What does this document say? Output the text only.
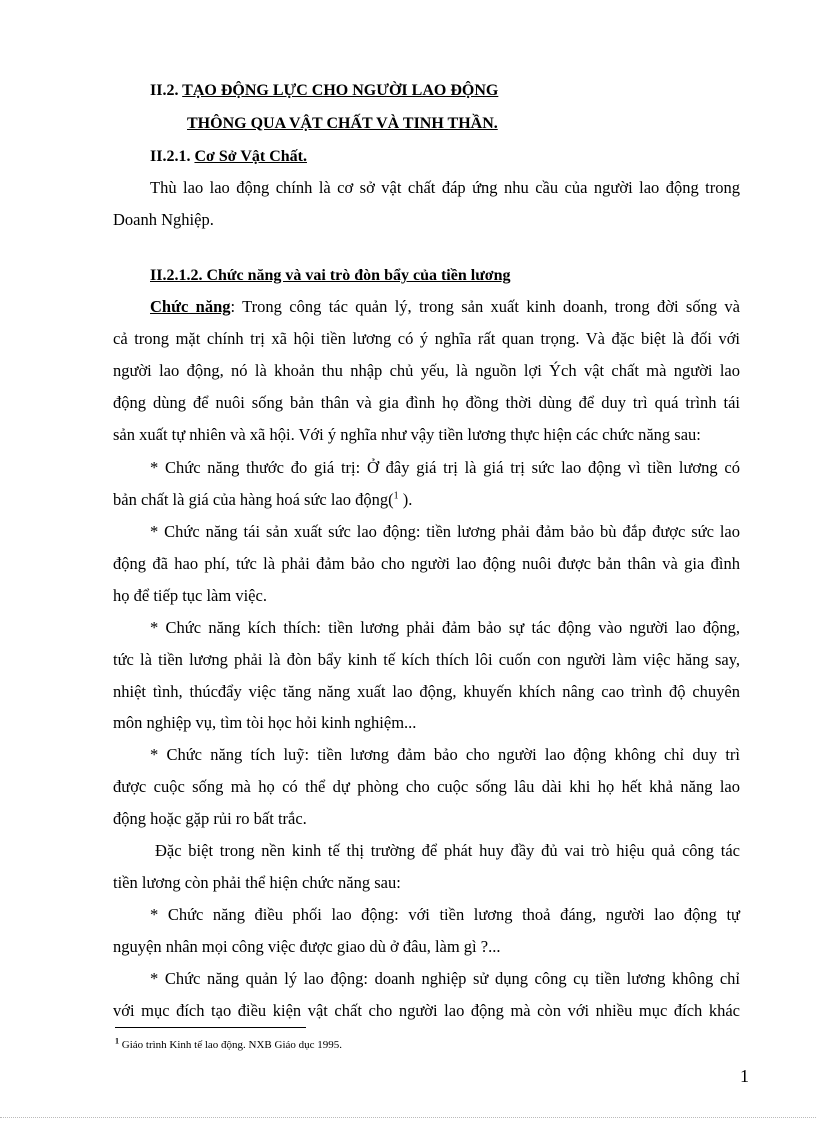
II.2. TẠO ĐỘNG LỰC CHO NGƯỜI LAO ĐỘNG
THÔNG QUA VẬT CHẤT VÀ TINH THẦN.
II.2.1. Cơ Sở Vật Chất.
Thù lao lao động chính là cơ sở vật chất đáp ứng nhu cầu của người lao động trong
Doanh Nghiệp.
II.2.1.2. Chức năng và vai trò đòn bẩy của tiền lương
Chức năng: Trong công tác quản lý, trong sản xuất kinh doanh, trong đời sống và
cả trong mặt chính trị xã hội tiền lương có ý nghĩa rất quan trọng. Và đặc biệt là đối với
người lao động, nó là khoản thu nhập chủ yếu, là nguồn lợi Ých vật chất mà người lao
động dùng để nuôi sống bản thân và gia đình họ đồng thời dùng để duy trì quá trình tái
sản xuất tự nhiên và xã hội. Với ý nghĩa như vậy tiền lương thực hiện các chức năng sau:
* Chức năng thước đo giá trị: Ở đây giá trị là giá trị sức lao động vì tiền lương có
bản chất là giá của hàng hoá sức lao động($^1$ ).
* Chức năng tái sản xuất sức lao động: tiền lương phải đảm bảo bù đắp được sức lao
động đã hao phí, tức là phải đảm bảo cho người lao động nuôi được bản thân và gia đình
họ để tiếp tục làm việc.
* Chức năng kích thích: tiền lương phải đảm bảo sự tác động vào người lao động,
tức là tiền lương phải là đòn bẩy kinh tế kích thích lôi cuốn con người làm việc hăng say,
nhiệt tình, thúcđẩy việc tăng năng xuất lao động, khuyến khích nâng cao trình độ chuyên
môn nghiệp vụ, tìm tòi học hỏi kinh nghiệm...
* Chức năng tích luỹ: tiền lương đảm bảo cho người lao động không chỉ duy trì
được cuộc sống mà họ có thể dự phòng cho cuộc sống lâu dài khi họ hết khả năng lao
động hoặc gặp rủi ro bất trắc.
Đặc biệt trong nền kinh tế thị trường để phát huy đầy đủ vai trò hiệu quả công tác
tiền lương còn phải thể hiện chức năng sau:
* Chức năng điều phối lao động: với tiền lương thoả đáng, người lao động tự
nguyện nhân mọi công việc được giao dù ở đâu, làm gì ?...
* Chức năng quản lý lao động: doanh nghiệp sử dụng công cụ tiền lương không chỉ
với mục đích tạo điều kiện vật chất cho người lao động mà còn với nhiều mục đích khác
$^1$ Giáo trình Kinh tế lao động. NXB Giáo dục 1995.
1
